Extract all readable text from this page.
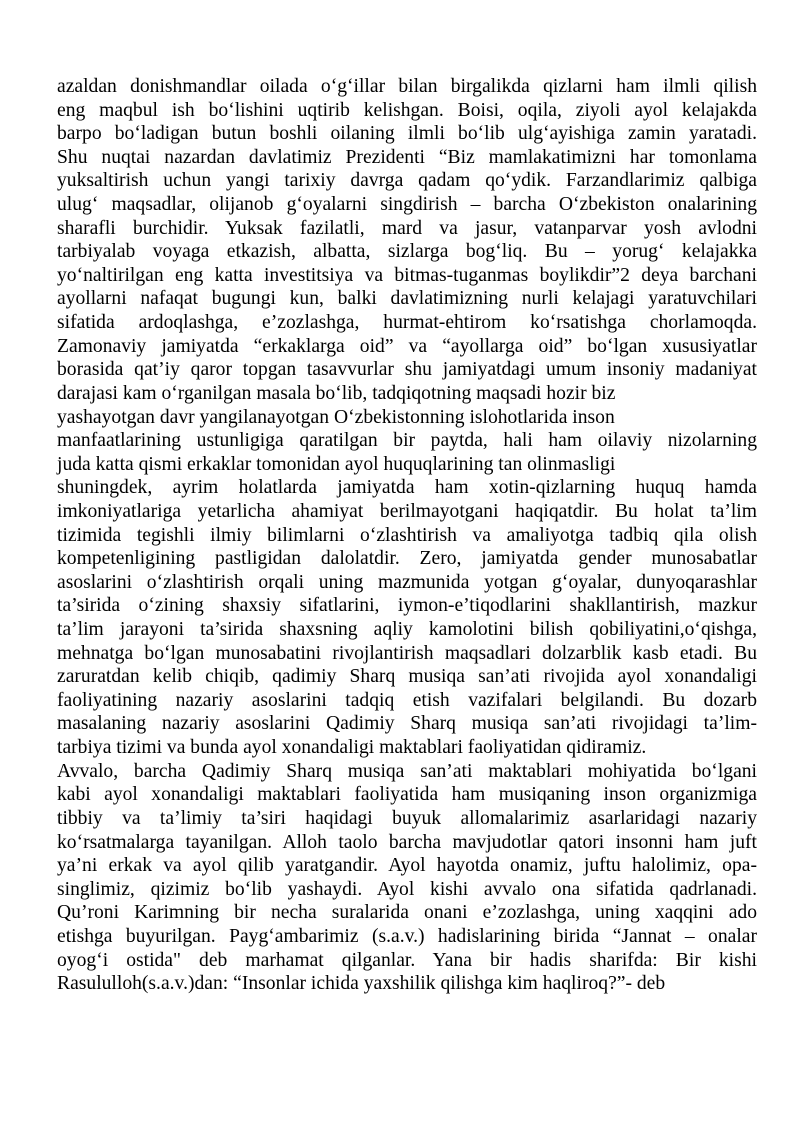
azaldan donishmandlar oilada o‘g‘illar bilan birgalikda qizlarni ham ilmli qilish
eng maqbul ish bo‘lishini uqtirib kelishgan. Boisi, oqila, ziyoli ayol kelajakda
barpo bo‘ladigan butun boshli oilaning ilmli bo‘lib ulg‘ayishiga zamin yaratadi.
Shu nuqtai nazardan davlatimiz Prezidenti “Biz mamlakatimizni har tomonlama
yuksaltirish uchun yangi tarixiy davrga qadam qo‘ydik. Farzandlarimiz qalbiga
ulug‘ maqsadlar, olijanob g‘oyalarni singdirish – barcha O‘zbekiston onalarining
sharafli burchidir. Yuksak fazilatli, mard va jasur, vatanparvar yosh avlodni
tarbiyalab voyaga etkazish, albatta, sizlarga bog‘liq. Bu – yorug‘ kelajakka
yo‘naltirilgan eng katta investitsiya va bitmas-tuganmas boylikdir”2 deya barchani
ayollarni nafaqat bugungi kun, balki davlatimizning nurli kelajagi yaratuvchilari
sifatida ardoqlashga, e’zozlashga, hurmat-ehtirom ko‘rsatishga chorlamoqda.
Zamonaviy jamiyatda “erkaklarga oid” va “ayollarga oid” bo‘lgan xususiyatlar
borasida qat’iy qaror topgan tasavvurlar shu jamiyatdagi umum insoniy madaniyat
darajasi kam o‘rganilgan masala bo‘lib, tadqiqotning maqsadi hozir biz
yashayotgan davr yangilanayotgan O‘zbekistonning islohotlarida inson
manfaatlarining ustunligiga qaratilgan bir paytda, hali ham oilaviy nizolarning
juda katta qismi erkaklar tomonidan ayol huquqlarining tan olinmasligi
shuningdek, ayrim holatlarda jamiyatda ham xotin-qizlarning huquq hamda
imkoniyatlariga yetarlicha ahamiyat berilmayotgani haqiqatdir. Bu holat ta’lim
tizimida tegishli ilmiy bilimlarni o‘zlashtirish va amaliyotga tadbiq qila olish
kompetenligining pastligidan dalolatdir. Zero, jamiyatda gender munosabatlar
asoslarini o‘zlashtirish orqali uning mazmunida yotgan g‘oyalar, dunyoqarashlar
ta’sirida o‘zining shaxsiy sifatlarini, iymon-e’tiqodlarini shakllantirish, mazkur
ta’lim jarayoni ta’sirida shaxsning aqliy kamolotini bilish qobiliyatini,o‘qishga,
mehnatga bo‘lgan munosabatini rivojlantirish maqsadlari dolzarblik kasb etadi. Bu
zaruratdan kelib chiqib, qadimiy Sharq musiqa san’ati rivojida ayol xonandaligi
faoliyatining nazariy asoslarini tadqiq etish vazifalari belgilandi. Bu dozarb
masalaning nazariy asoslarini Qadimiy Sharq musiqa san’ati rivojidagi ta’lim-
tarbiya tizimi va bunda ayol xonandaligi maktablari faoliyatidan qidiramiz.
Avvalo, barcha Qadimiy Sharq musiqa san’ati maktablari mohiyatida bo‘lgani
kabi ayol xonandaligi maktablari faoliyatida ham musiqaning inson organizmiga
tibbiy va ta’limiy ta’siri haqidagi buyuk allomalarimiz asarlaridagi nazariy
ko‘rsatmalarga tayanilgan. Alloh taolo barcha mavjudotlar qatori insonni ham juft
ya’ni erkak va ayol qilib yaratgandir. Ayol hayotda onamiz, juftu halolimiz, opa-
singlimiz, qizimiz bo‘lib yashaydi. Ayol kishi avvalo ona sifatida qadrlanadi.
Qu’roni Karimning bir necha suralarida onani e’zozlashga, uning xaqqini ado
etishga buyurilgan. Payg‘ambarimiz (s.a.v.) hadislarining birida “Jannat – onalar
oyog‘i ostida" deb marhamat qilganlar. Yana bir hadis sharifda: Bir kishi
Rasululloh(s.a.v.)dan: “Insonlar ichida yaxshilik qilishga kim haqliroq?”- deb
